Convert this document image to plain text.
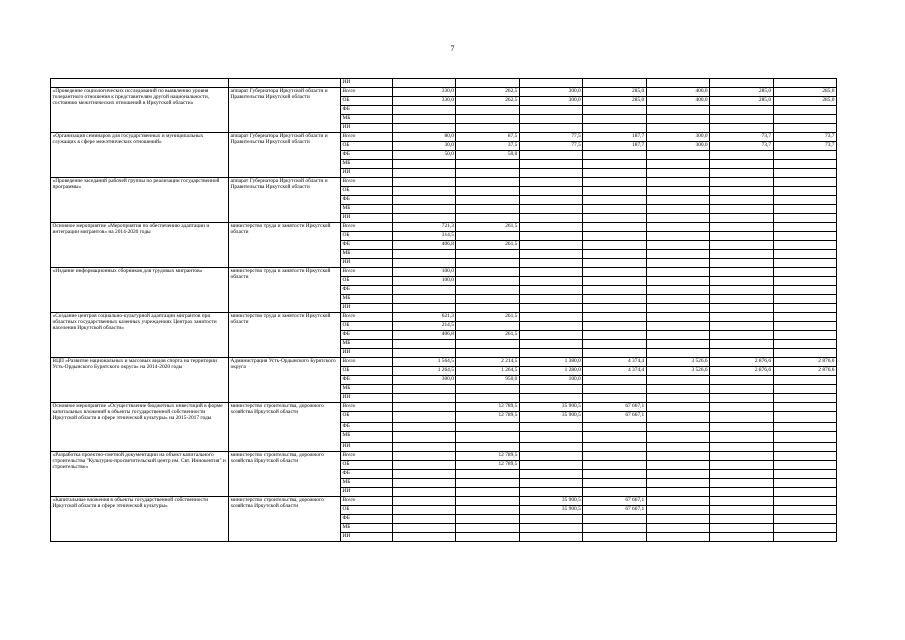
7
		ИИ							
«Проведение социологических исследований по выявлению уровня толерантного отношения к представителям другой национальности, состоянию межэтнических отношений в Иркутской области»	аппарат Губернатора Иркутской области и Правительства Иркутской области	Всего	330,0	262,5	300,0	285,0	400,0	285,0	285,0
		ОБ	330,0	262,5	300,0	285,0	400,0	285,0	285,0
		ФБ							
		МБ							
		ИИ							
«Организация семинаров для государственных и муниципальных служащих в сфере межэтнических отношений»	аппарат Губернатора Иркутской области и Правительства Иркутской области	Всего	80,0	87,5	77,5	187,7	300,0	73,7	73,7
		ОБ	30,0	37,5	77,5	187,7	300,0	73,7	73,7
		ФБ	50,0	50,0					
		МБ							
		ИИ							
«Проведение заседаний рабочей группы по реализации государственной программы»	аппарат Губернатора Иркутской области и Правительства Иркутской области	Всего							
		ОБ							
		ФБ							
		МБ							
		ИИ							
Основное мероприятие «Мероприятия по обеспечению адаптации и интеграции мигрантов» на 2014-2020 годы	министерство труда и занятости Иркутской области	Всего	721,3	261,5					
		ОБ	314,5						
		ФБ	406,8	261,5					
		МБ							
		ИИ							
«Издание информационных сборников для трудовых мигрантов»	министерство труда и занятости Иркутской области	Всего	100,0						
		ОБ	100,0						
		ФБ							
		МБ							
		ИИ							
«Создание центров социально-культурной адаптации мигрантов при областных государственных казенных учреждениях Центрах занятости населения Иркутской области»	министерство труда и занятости Иркутской области	Всего	621,3	261,5					
		ОБ	214,5						
		ФБ	406,8	261,5					
		МБ							
		ИИ							
ВЦП «Развитие национальных и массовых видов спорта на территории Усть-Ордынского Бурятского округа» на 2014-2020 годы	Администрация Усть-Ордынского Бурятского округа	Всего	1 564,5	2 214,5	1 380,0	4 374,4	3 526,6	2 876,6	2 876,6
		ОБ	1 264,5	1 264,5	1 280,0	4 374,4	3 526,6	2 876,6	2 876,6
		ФБ	300,0	950,0	100,0				
		МБ							
		ИИ							
Основное мероприятие «Осуществление бюджетных инвестиций в форме капитальных вложений в объекты государственной собственности Иркутской области в сфере этнической культуры» на 2015-2017 годы	министерство строительства, дорожного хозяйства Иркутской области	Всего		12 789,5	35 900,5	67 667,1			
		ОБ		12 789,5	35 900,5	67 667,1			
		ФБ							
		МБ							
		ИИ							
«Разработка проектно-сметной документации на объект капитального строительства "Культурно-просветительский центр им. Свт. Иннокентия" и строительство»	министерство строительства, дорожного хозяйства Иркутской области	Всего		12 789,5					
		ОБ		12 789,5					
		ФБ							
		МБ							
		ИИ							
«Капитальные вложения в объекты государственной собственности Иркутской области в сфере этнической культуры»	министерство строительства, дорожного хозяйства Иркутской области	Всего			35 900,5	67 667,1			
		ОБ			35 900,5	67 667,1			
		ФБ							
		МБ							
		ИИ							
